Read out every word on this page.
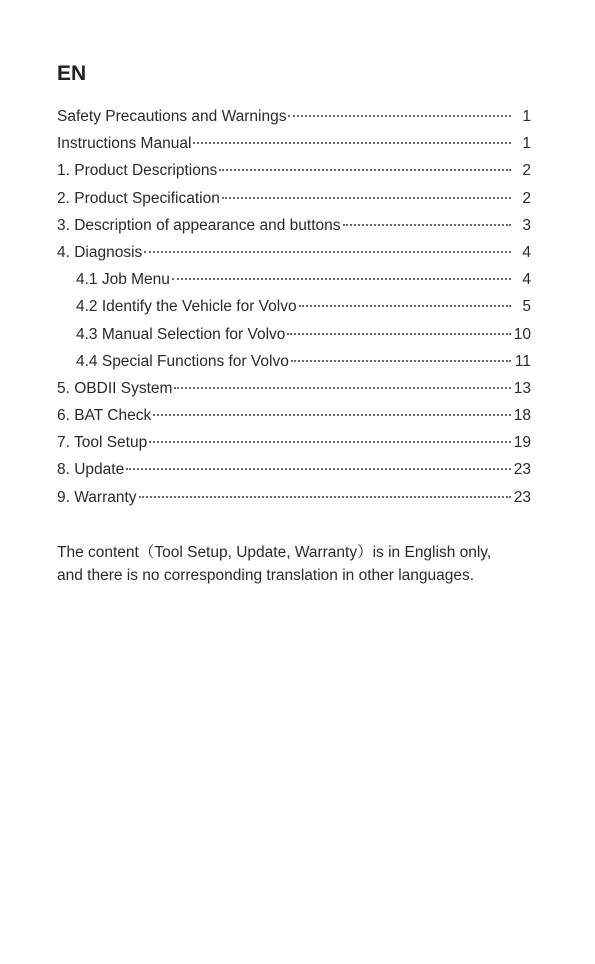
EN
Safety Precautions and Warnings	1
Instructions Manual	1
1. Product Descriptions	2
2. Product Specification	2
3. Description of appearance and buttons	3
4. Diagnosis	4
4.1 Job Menu	4
4.2 Identify the Vehicle for Volvo	5
4.3 Manual Selection for Volvo	10
4.4 Special Functions for Volvo	11
5. OBDII System	13
6. BAT Check	18
7. Tool Setup	19
8. Update	23
9. Warranty	23

The content（Tool Setup, Update, Warranty）is in English only,
and there is no corresponding translation in other languages.
